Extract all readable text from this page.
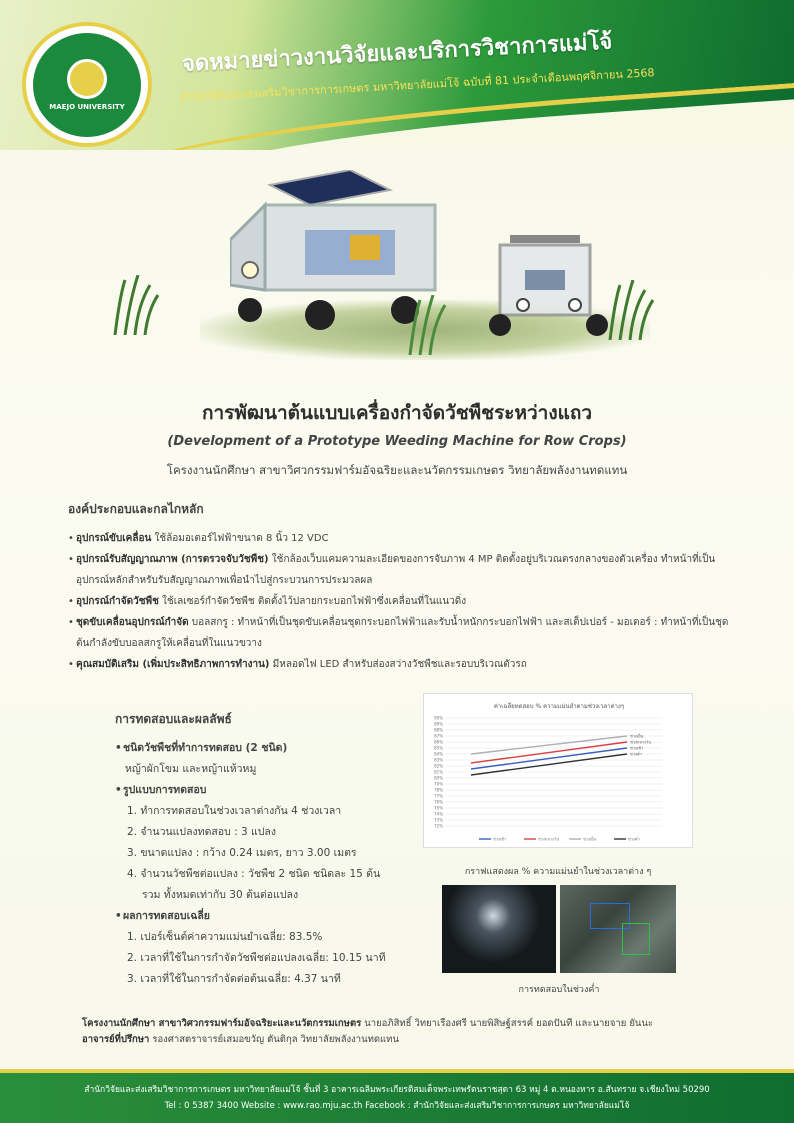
จดหมายข่าวงานวิจัยและบริการวิชาการแม่โจ้
สำนักวิจัยและส่งเสริมวิชาการการเกษตร มหาวิทยาลัยแม่โจ้ ฉบับที่ 81 ประจำเดือนพฤศจิกายน 2568
MAEJO UNIVERSITY
การพัฒนาต้นแบบเครื่องกำจัดวัชพืชระหว่างแถว
(Development of a Prototype Weeding Machine for Row Crops)
โครงงานนักศึกษา สาขาวิศวกรรมฟาร์มอัจฉริยะและนวัตกรรมเกษตร วิทยาลัยพลังงานทดแทน
องค์ประกอบและกลไกหลัก
• อุปกรณ์ขับเคลื่อน ใช้ล้อมอเตอร์ไฟฟ้าขนาด 8 นิ้ว 12 VDC
• อุปกรณ์รับสัญญาณภาพ (การตรวจจับวัชพืช) ใช้กล้องเว็บแคมความละเอียดของการจับภาพ 4 MP ติดตั้งอยู่บริเวณตรงกลางของตัวเครื่อง ทำหน้าที่เป็นอุปกรณ์หลักสำหรับรับสัญญาณภาพเพื่อนำไปสู่กระบวนการประมวลผล
• อุปกรณ์กำจัดวัชพืช ใช้เลเซอร์กำจัดวัชพืช ติดตั้งไว้ปลายกระบอกไฟฟ้าซึ่งเคลื่อนที่ในแนวดิ่ง
• ชุดขับเคลื่อนอุปกรณ์กำจัด บอลสกรู : ทำหน้าที่เป็นชุดขับเคลื่อนชุดกระบอกไฟฟ้าและรับน้ำหนักกระบอกไฟฟ้า และสเต็ปเปอร์ - มอเตอร์ : ทำหน้าที่เป็นชุดต้นกำลังขับบอลสกรูให้เคลื่อนที่ในแนวขวาง
• คุณสมบัติเสริม (เพิ่มประสิทธิภาพการทำงาน) มีหลอดไฟ LED สำหรับส่องสว่างวัชพืชและรอบบริเวณตัวรถ
การทดสอบและผลลัพธ์
• ชนิดวัชพืชที่ทำการทดสอบ (2 ชนิด)
หญ้าผักโขม และหญ้าแห้วหมู
• รูปแบบการทดสอบ
1. ทำการทดสอบในช่วงเวลาต่างกัน 4 ช่วงเวลา
2. จำนวนแปลงทดสอบ : 3 แปลง
3. ขนาดแปลง : กว้าง 0.24 เมตร, ยาว 3.00 เมตร
4. จำนวนวัชพืชต่อแปลง : วัชพืช 2 ชนิด ชนิดละ 15 ต้น
รวม ทั้งหมดเท่ากับ 30 ต้นต่อแปลง
• ผลการทดสอบเฉลี่ย
1. เปอร์เซ็นต์ค่าความแม่นยำเฉลี่ย: 83.5%
2. เวลาที่ใช้ในการกำจัดวัชพืชต่อแปลงเฉลี่ย: 10.15 นาที
3. เวลาที่ใช้ในการกำจัดต่อต้นเฉลี่ย: 4.37 นาที
ค่าเฉลี่ยทดสอบ % ความแม่นยำตามช่วงเวลาต่างๆ
90%
89%
88%
87%
86%
85%
84%
83%
82%
81%
80%
79%
78%
77%
76%
75%
74%
73%
72%
ช่วงเช้า
ช่วงเช้า
ช่วงกลางวัน
ช่วงกลางวัน
ช่วงเย็น
ช่วงเย็น
ช่วงค่ำ
ช่วงค่ำ
กราฟแสดงผล % ความแม่นยำในช่วงเวลาต่าง ๆ
การทดสอบในช่วงค่ำ
โครงงานนักศึกษา สาขาวิศวกรรมฟาร์มอัจฉริยะและนวัตกรรมเกษตร นายอภิสิทธิ์ วิทยาเรืองศรี นายพิสิษฐ์สรรค์ ยอดปันที และนายจาย ยันนะ
อาจารย์ที่ปรึกษา รองศาสตราจารย์เสมอขวัญ ตันติกุล วิทยาลัยพลังงานทดแทน
สำนักวิจัยและส่งเสริมวิชาการการเกษตร มหาวิทยาลัยแม่โจ้ ชั้นที่ 3 อาคารเฉลิมพระเกียรติสมเด็จพระเทพรัตนราชสุดา 63 หมู่ 4 ต.หนองหาร อ.สันทราย จ.เชียงใหม่ 50290
Tel : 0 5387 3400 Website : www.rao.mju.ac.th Facebook : สำนักวิจัยและส่งเสริมวิชาการการเกษตร มหาวิทยาลัยแม่โจ้
